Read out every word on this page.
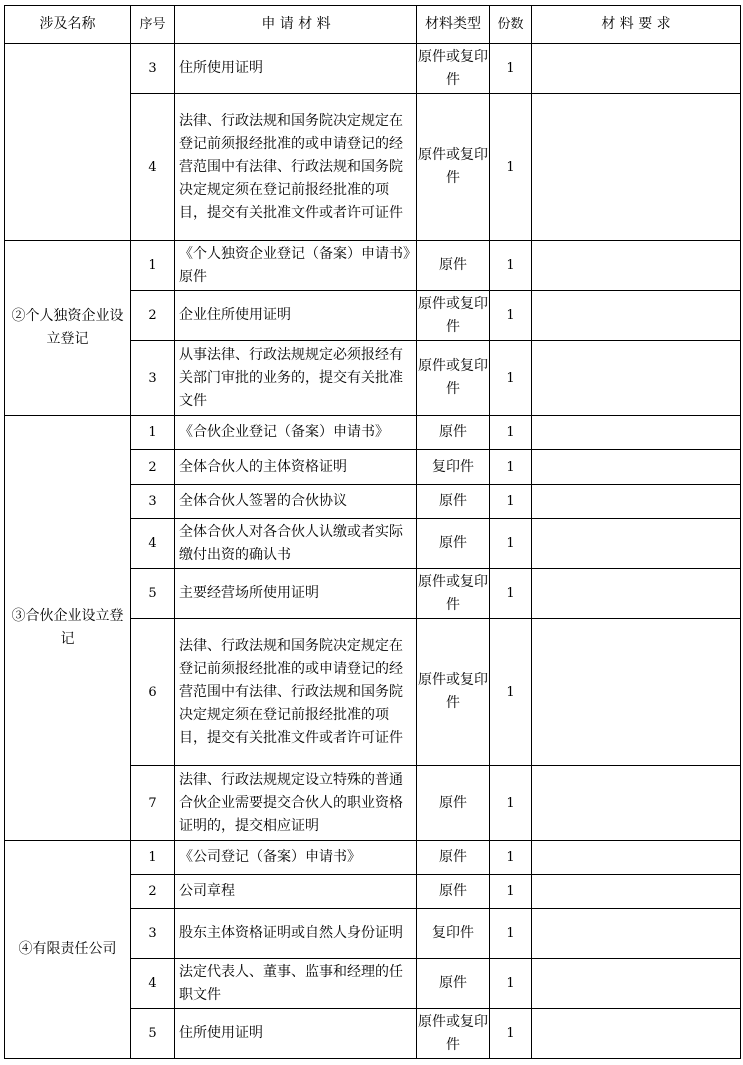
涉及名称	序号	申 请 材 料	材料类型	份数	材 料 要 求
	3	住所使用证明	原件或复印件	1	
	4	法律、行政法规和国务院决定规定在登记前须报经批准的或申请登记的经营范围中有法律、行政法规和国务院决定规定须在登记前报经批准的项目，提交有关批准文件或者许可证件	原件或复印件	1	
②个人独资企业设立登记	1	《个人独资企业登记（备案）申请书》原件	原件	1	
	2	企业住所使用证明	原件或复印件	1	
	3	从事法律、行政法规规定必须报经有关部门审批的业务的，提交有关批准文件	原件或复印件	1	
③合伙企业设立登记	1	《合伙企业登记（备案）申请书》	原件	1	
	2	全体合伙人的主体资格证明	复印件	1	
	3	全体合伙人签署的合伙协议	原件	1	
	4	全体合伙人对各合伙人认缴或者实际缴付出资的确认书	原件	1	
	5	主要经营场所使用证明	原件或复印件	1	
	6	法律、行政法规和国务院决定规定在登记前须报经批准的或申请登记的经营范围中有法律、行政法规和国务院决定规定须在登记前报经批准的项目，提交有关批准文件或者许可证件	原件或复印件	1	
	7	法律、行政法规规定设立特殊的普通合伙企业需要提交合伙人的职业资格证明的，提交相应证明	原件	1	
④有限责任公司	1	《公司登记（备案）申请书》	原件	1	
	2	公司章程	原件	1	
	3	股东主体资格证明或自然人身份证明	复印件	1	
	4	法定代表人、董事、监事和经理的任职文件	原件	1	
	5	住所使用证明	原件或复印件	1	
